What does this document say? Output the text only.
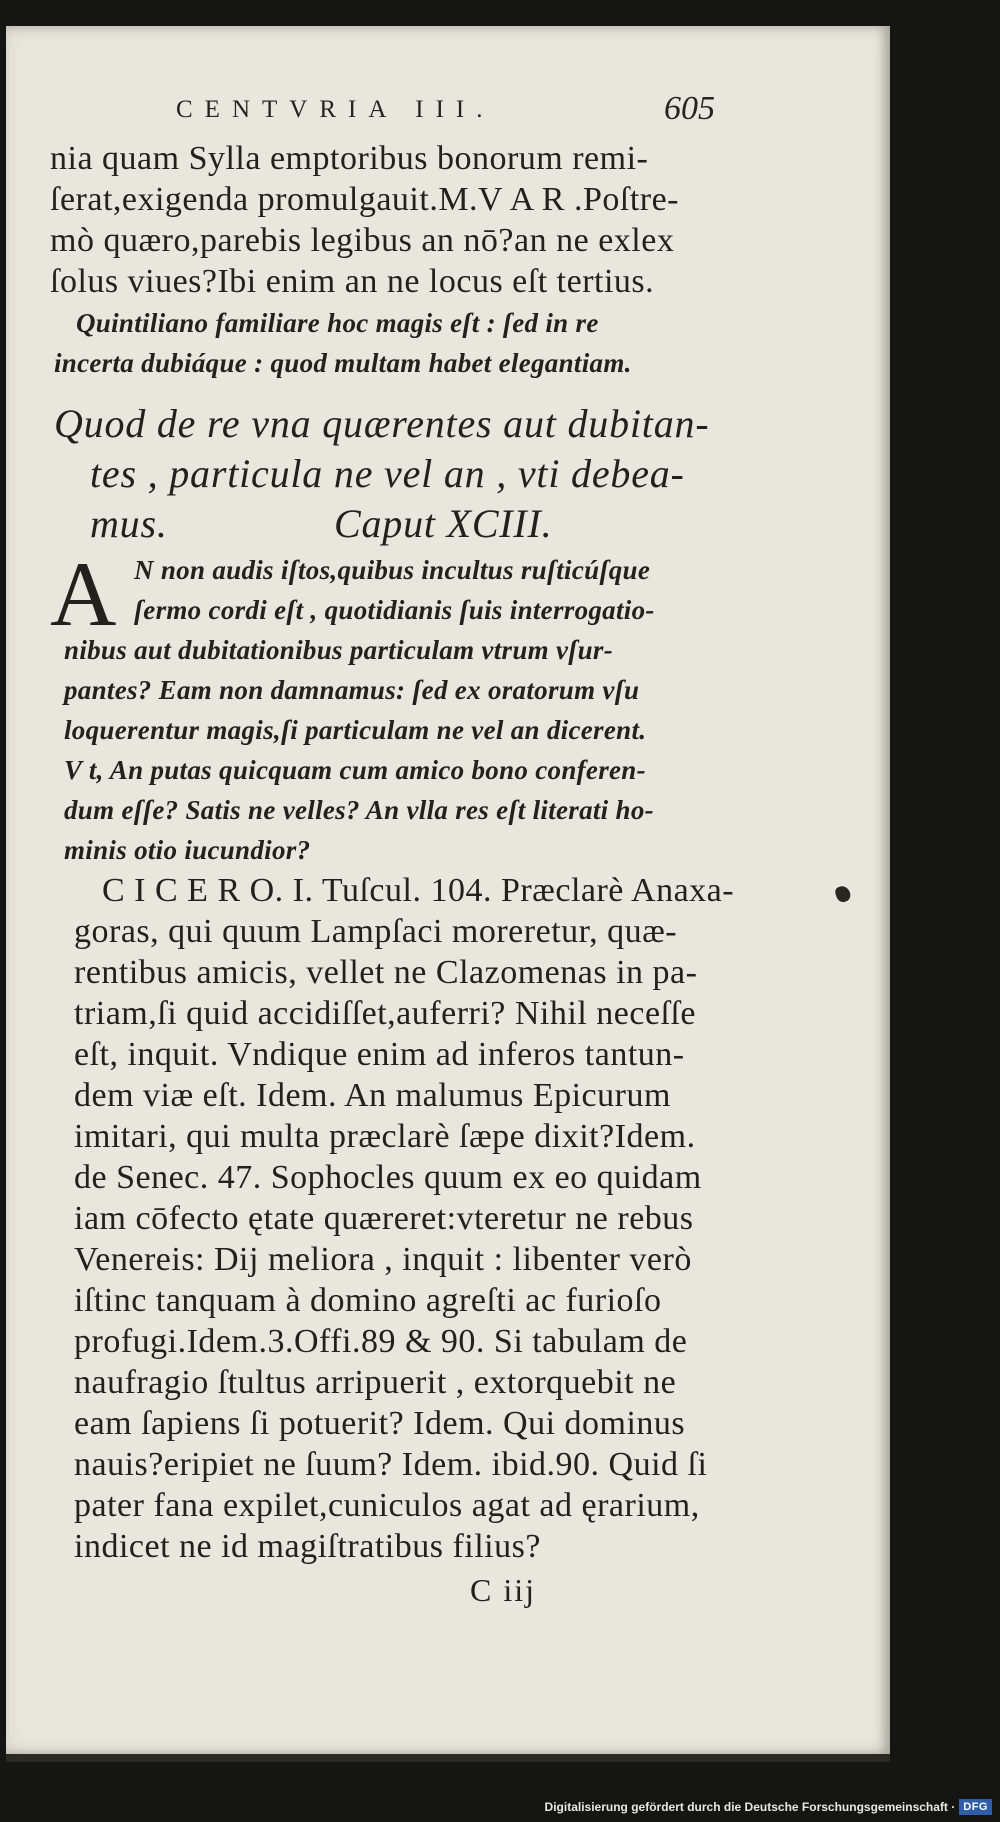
CENTVRIA III.	605
nia quam Sylla emptoribus bonorum remi-
ſerat,exigenda promulgauit.M.V A R .Poſtre-
mò quæro,parebis legibus an nō?an ne exlex
ſolus viues?Ibi enim an ne locus eſt tertius.
Quintiliano familiare hoc magis eſt : ſed in re
incerta dubiáque : quod multam habet elegantiam.
Quod de re vna quærentes aut dubitan-
tes , particula ne vel an , vti debea-
mus.	Caput XCIII.
A N non audis iſtos,quibus incultus ruſticúſque
ſermo cordi eſt , quotidianis ſuis interrogatio-
nibus aut dubitationibus particulam vtrum vſur-
pantes? Eam non damnamus: ſed ex oratorum vſu
loquerentur magis,ſi particulam ne vel an dicerent.
V t, An putas quicquam cum amico bono conferen-
dum eſſe? Satis ne velles? An vlla res eſt literati ho-
minis otio iucundior?
C I C E R O. I. Tuſcul. 104. Præclarè Anaxa-
goras, qui quum Lampſaci moreretur, quæ-
rentibus amicis, vellet ne Clazomenas in pa-
triam,ſi quid accidiſſet,auferri? Nihil neceſſe
eſt, inquit. Vndique enim ad inferos tantun-
dem viæ eſt. Idem. An malumus Epicurum
imitari, qui multa præclarè ſæpe dixit?Idem.
de Senec. 47. Sophocles quum ex eo quidam
iam cōfecto ętate quæreret:vteretur ne rebus
Venereis: Dij meliora , inquit : libenter verò
iſtinc tanquam à domino agreſti ac furioſo
profugi.Idem.3.Offi.89 & 90. Si tabulam de
naufragio ſtultus arripuerit , extorquebit ne
eam ſapiens ſi potuerit? Idem. Qui dominus
nauis?eripiet ne ſuum? Idem. ibid.90. Quid ſi
pater fana expilet,cuniculos agat ad ęrarium,
indicet ne id magiſtratibus filius?
C iij
Digitalisierung gefördert durch die Deutsche Forschungsgemeinschaft · DFG
